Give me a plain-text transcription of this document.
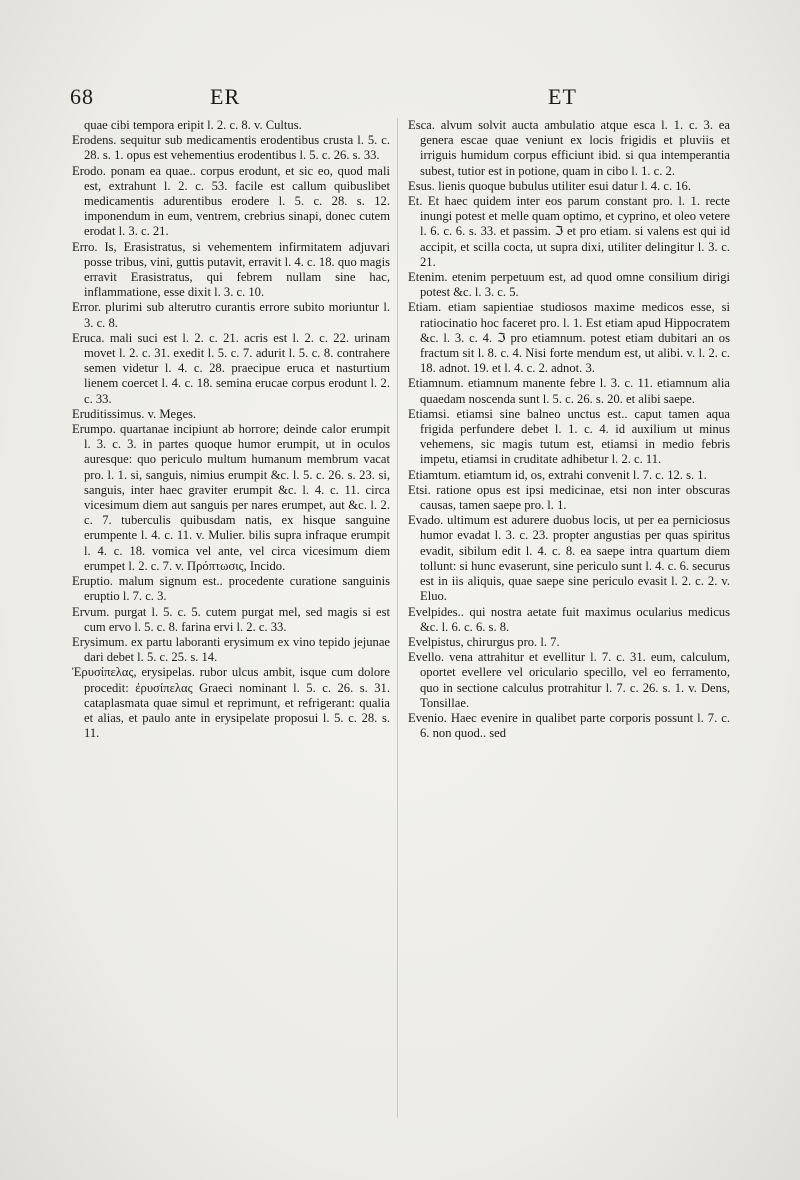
68	ER	ET

quae cibi tempora eripit l. 2. c. 8. v. Cultus.

Erodens. sequitur sub medicamentis erodentibus crusta l. 5. c. 28. s. 1. opus est vehementius erodentibus l. 5. c. 26. s. 33.

Erodo. ponam ea quae.. corpus erodunt, et sic eo, quod mali est, extrahunt l. 2. c. 53. facile est callum quibuslibet medicamentis adurentibus erodere l. 5. c. 28. s. 12. imponendum in eum, ventrem, crebrius sinapi, donec cutem erodat l. 3. c. 21.

Erro. Is, Erasistratus, si vehementem infirmitatem adjuvari posse tribus, vini, guttis putavit, erravit l. 4. c. 18. quo magis erravit Erasistratus, qui febrem nullam sine hac, inflammatione, esse dixit l. 3. c. 10.

Error. plurimi sub alterutro curantis errore subito moriuntur l. 3. c. 8.

Eruca. mali suci est l. 2. c. 21. acris est l. 2. c. 22. urinam movet l. 2. c. 31. exedit l. 5. c. 7. adurit l. 5. c. 8. contrahere semen videtur l. 4. c. 28. praecipue eruca et nasturtium lienem coercet l. 4. c. 18. semina erucae corpus erodunt l. 2. c. 33.

Eruditissimus. v. Meges.

Erumpo. quartanae incipiunt ab horrore; deinde calor erumpit l. 3. c. 3. in partes quoque humor erumpit, ut in oculos auresque: quo periculo multum humanum membrum vacat pro. l. 1. si, sanguis, nimius erumpit &c. l. 5. c. 26. s. 23. si, sanguis, inter haec graviter erumpit &c. l. 4. c. 11. circa vicesimum diem aut sanguis per nares erumpet, aut &c. l. 2. c. 7. tuberculis quibusdam natis, ex hisque sanguine erumpente l. 4. c. 11. v. Mulier. bilis supra infraque erumpit l. 4. c. 18. vomica vel ante, vel circa vicesimum diem erumpet l. 2. c. 7. v. Πρόπτωσις, Incido.

Eruptio. malum signum est.. procedente curatione sanguinis eruptio l. 7. c. 3.

Ervum. purgat l. 5. c. 5. cutem purgat mel, sed magis si est cum ervo l. 5. c. 8. farina ervi l. 2. c. 33.

Erysimum. ex partu laboranti erysimum ex vino tepido jejunae dari debet l. 5. c. 25. s. 14.

Ἐρυσίπελας, erysipelas. rubor ulcus ambit, isque cum dolore procedit: ἐρυσίπελας Graeci nominant l. 5. c. 26. s. 31. cataplasmata quae simul et reprimunt, et refrigerant: qualia et alias, et paulo ante in erysipelate proposui l. 5. c. 28. s. 11.

Esca. alvum solvit aucta ambulatio atque esca l. 1. c. 3. ea genera escae quae veniunt ex locis frigidis et pluviis et irriguis humidum corpus efficiunt ibid. si qua intemperantia subest, tutior est in potione, quam in cibo l. 1. c. 2.

Esus. lienis quoque bubulus utiliter esui datur l. 4. c. 16.

Et. Et haec quidem inter eos parum constant pro. l. 1. recte inungi potest et melle quam optimo, et cyprino, et oleo vetere l. 6. c. 6. s. 33. et passim. ℑ et pro etiam. si valens est qui id accipit, et scilla cocta, ut supra dixi, utiliter delingitur l. 3. c. 21.

Etenim. etenim perpetuum est, ad quod omne consilium dirigi potest &c. l. 3. c. 5.

Etiam. etiam sapientiae studiosos maxime medicos esse, si ratiocinatio hoc faceret pro. l. 1. Est etiam apud Hippocratem &c. l. 3. c. 4. ℑ pro etiamnum. potest etiam dubitari an os fractum sit l. 8. c. 4. Nisi forte mendum est, ut alibi. v. l. 2. c. 18. adnot. 19. et l. 4. c. 2. adnot. 3.

Etiamnum. etiamnum manente febre l. 3. c. 11. etiamnum alia quaedam noscenda sunt l. 5. c. 26. s. 20. et alibi saepe.

Etiamsi. etiamsi sine balneo unctus est.. caput tamen aqua frigida perfundere debet l. 1. c. 4. id auxilium ut minus vehemens, sic magis tutum est, etiamsi in medio febris impetu, etiamsi in cruditate adhibetur l. 2. c. 11.

Etiamtum. etiamtum id, os, extrahi convenit l. 7. c. 12. s. 1.

Etsi. ratione opus est ipsi medicinae, etsi non inter obscuras causas, tamen saepe pro. l. 1.

Evado. ultimum est adurere duobus locis, ut per ea perniciosus humor evadat l. 3. c. 23. propter angustias per quas spiritus evadit, sibilum edit l. 4. c. 8. ea saepe intra quartum diem tollunt: si hunc evaserunt, sine periculo sunt l. 4. c. 6. securus est in iis aliquis, quae saepe sine periculo evasit l. 2. c. 2. v. Eluo.

Evelpides.. qui nostra aetate fuit maximus ocularius medicus &c. l. 6. c. 6. s. 8.

Evelpistus, chirurgus pro. l. 7.

Evello. vena attrahitur et evellitur l. 7. c. 31. eum, calculum, oportet evellere vel oriculario specillo, vel eo ferramento, quo in sectione calculus protrahitur l. 7. c. 26. s. 1. v. Dens, Tonsillae.

Evenio. Haec evenire in qualibet parte corporis possunt l. 7. c. 6. non quod.. sed
